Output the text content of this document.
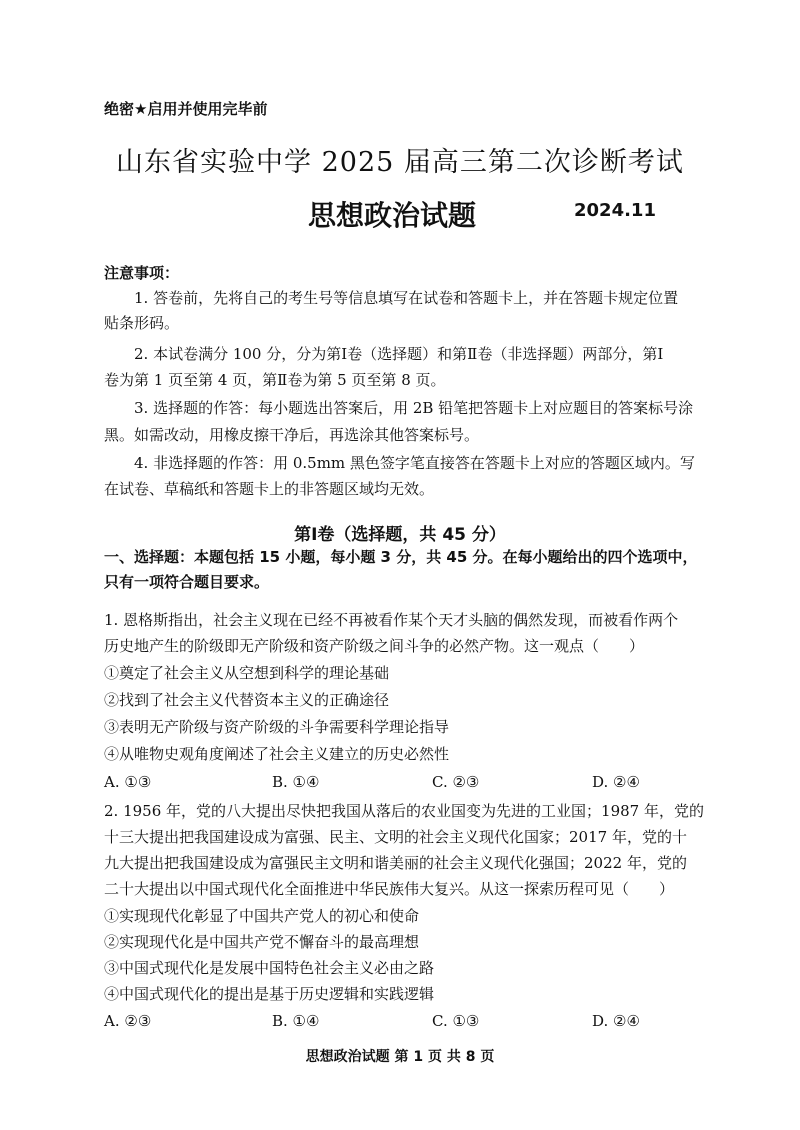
绝密★启用并使用完毕前
山东省实验中学 2025 届高三第二次诊断考试
思想政治试题	2024.11
注意事项：
1. 答卷前，先将自己的考生号等信息填写在试卷和答题卡上，并在答题卡规定位置
贴条形码。
2. 本试卷满分 100 分，分为第Ⅰ卷（选择题）和第Ⅱ卷（非选择题）两部分，第Ⅰ
卷为第 1 页至第 4 页，第Ⅱ卷为第 5 页至第 8 页。
3. 选择题的作答：每小题选出答案后，用 2B 铅笔把答题卡上对应题目的答案标号涂
黑。如需改动，用橡皮擦干净后，再选涂其他答案标号。
4. 非选择题的作答：用 0.5mm 黑色签字笔直接答在答题卡上对应的答题区域内。写
在试卷、草稿纸和答题卡上的非答题区域均无效。
第Ⅰ卷（选择题，共 45 分）
一、选择题：本题包括 15 小题，每小题 3 分，共 45 分。在每小题给出的四个选项中，
只有一项符合题目要求。
1. 恩格斯指出，社会主义现在已经不再被看作某个天才头脑的偶然发现，而被看作两个
历史地产生的阶级即无产阶级和资产阶级之间斗争的必然产物。这一观点（　　）
①奠定了社会主义从空想到科学的理论基础
②找到了社会主义代替资本主义的正确途径
③表明无产阶级与资产阶级的斗争需要科学理论指导
④从唯物史观角度阐述了社会主义建立的历史必然性
A. ①③	B. ①④	C. ②③	D. ②④
2. 1956 年，党的八大提出尽快把我国从落后的农业国变为先进的工业国；1987 年，党的
十三大提出把我国建设成为富强、民主、文明的社会主义现代化国家；2017 年，党的十
九大提出把我国建设成为富强民主文明和谐美丽的社会主义现代化强国；2022 年，党的
二十大提出以中国式现代化全面推进中华民族伟大复兴。从这一探索历程可见（　　）
①实现现代化彰显了中国共产党人的初心和使命
②实现现代化是中国共产党不懈奋斗的最高理想
③中国式现代化是发展中国特色社会主义必由之路
④中国式现代化的提出是基于历史逻辑和实践逻辑
A. ②③	B. ①④	C. ①③	D. ②④
思想政治试题 第 1 页 共 8 页
